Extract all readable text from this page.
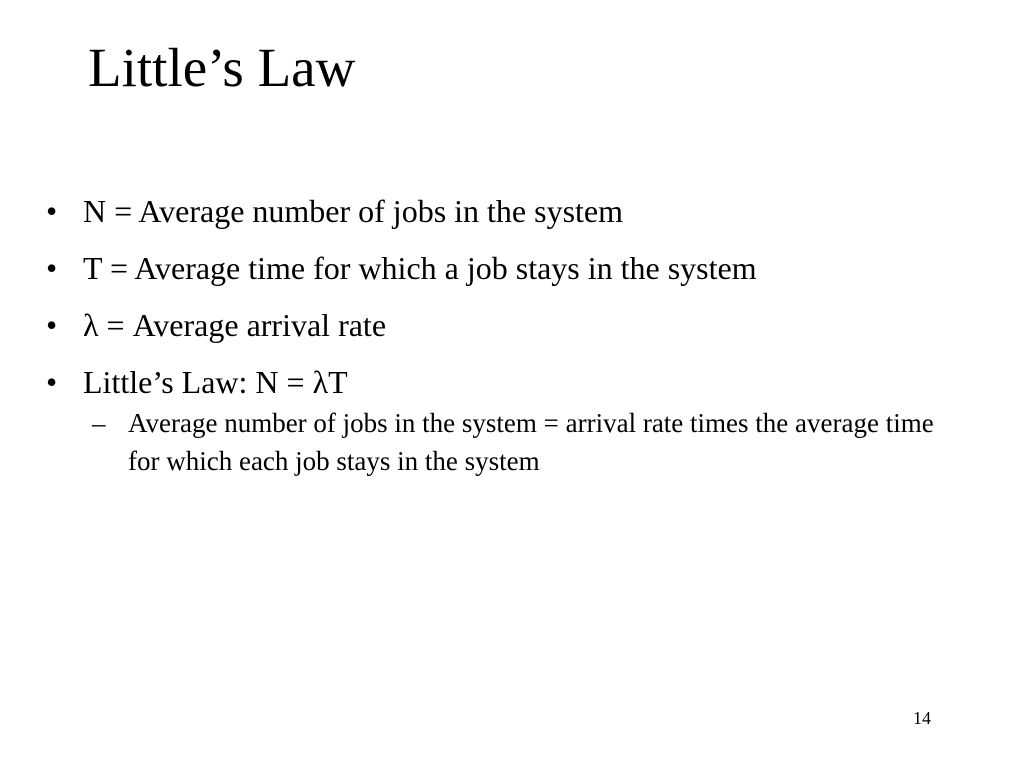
Little’s Law
• N = Average number of jobs in the system
• T = Average time for which a job stays in the system
• λ = Average arrival rate
• Little’s Law: N = λT
– Average number of jobs in the system = arrival rate times the average time for which each job stays in the system
14
